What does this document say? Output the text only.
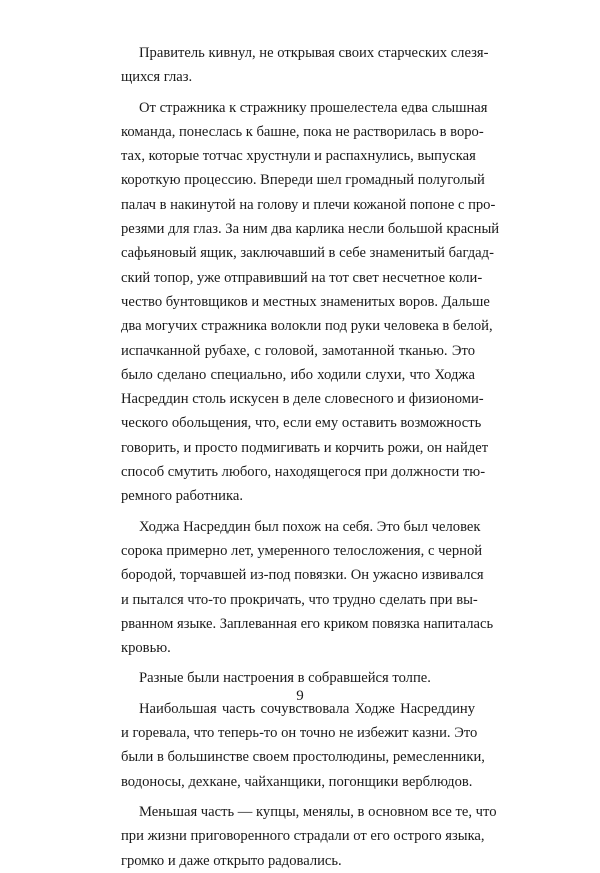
Правитель кивнул, не открывая своих старческих слезя-
щихся глаз.
От стражника к стражнику прошелестела едва слышная
команда, понеслась к башне, пока не растворилась в воро-
тах, которые тотчас хрустнули и распахнулись, выпуская
короткую процессию. Впереди шел громадный полуголый
палач в накинутой на голову и плечи кожаной попоне с про-
резями для глаз. За ним два карлика несли большой красный
сафьяновый ящик, заключавший в себе знаменитый багдад-
ский топор, уже отправивший на тот свет несчетное коли-
чество бунтовщиков и местных знаменитых воров. Дальше
два могучих стражника волокли под руки человека в белой,
испачканной рубахе, с головой, замотанной тканью. Это
было сделано специально, ибо ходили слухи, что Ходжа
Насреддин столь искусен в деле словесного и физиономи-
ческого обольщения, что, если ему оставить возможность
говорить, и просто подмигивать и корчить рожи, он найдет
способ смутить любого, находящегося при должности тю-
ремного работника.
Ходжа Насреддин был похож на себя. Это был человек
сорока примерно лет, умеренного телосложения, с черной
бородой, торчавшей из-под повязки. Он ужасно извивался
и пытался что-то прокричать, что трудно сделать при вы-
рванном языке. Заплеванная его криком повязка напиталась
кровью.
Разные были настроения в собравшейся толпе.
Наибольшая часть сочувствовала Ходже Насреддину
и горевала, что теперь-то он точно не избежит казни. Это
были в большинстве своем простолюдины, ремесленники,
водоносы, дехкане, чайханщики, погонщики верблюдов.
Меньшая часть — купцы, менялы, в основном все те, что
при жизни приговоренного страдали от его острого языка,
громко и даже открыто радовались.
9
